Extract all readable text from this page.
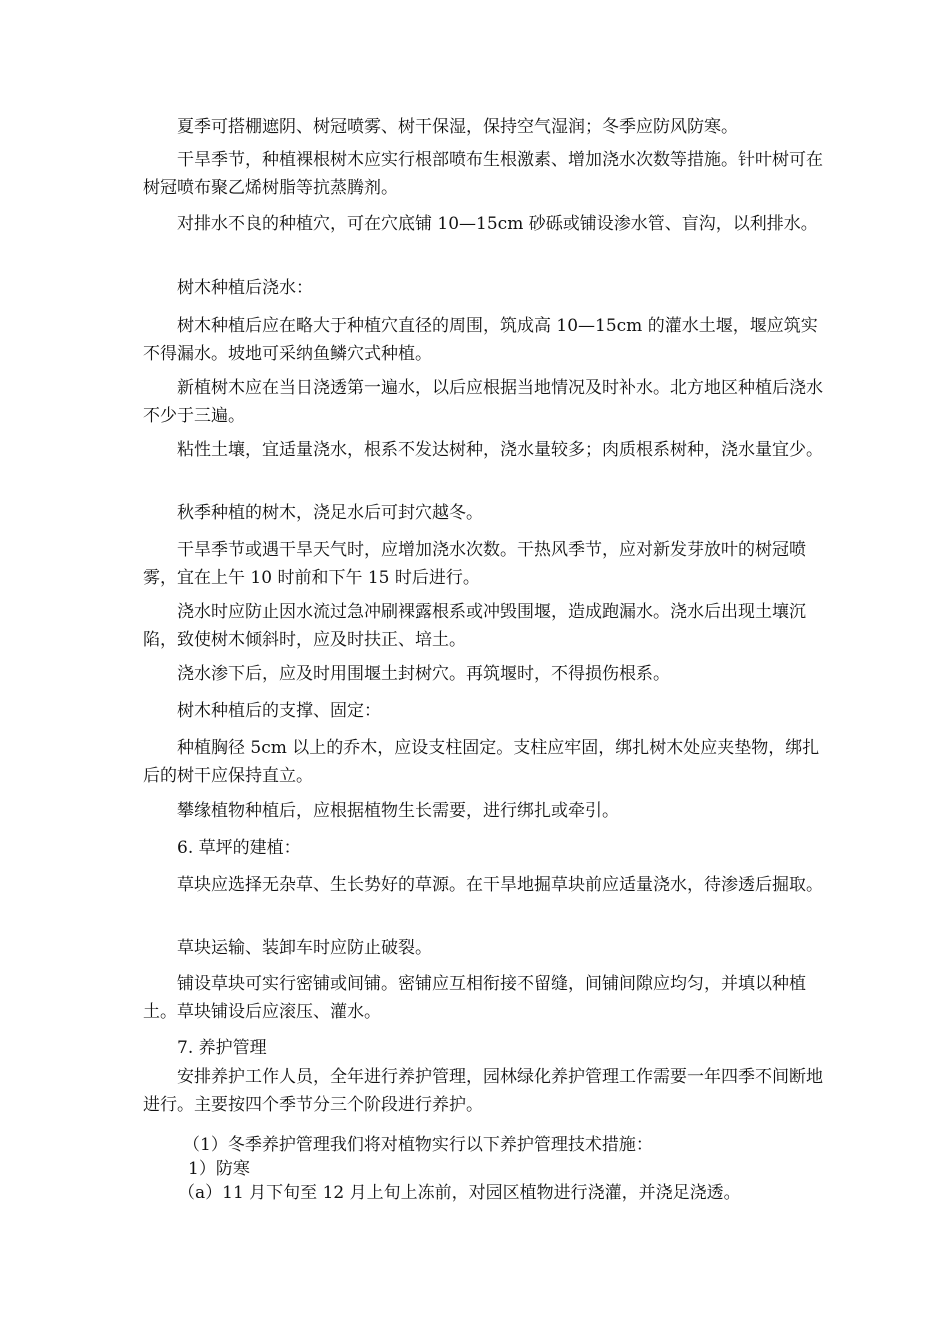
夏季可搭棚遮阴、树冠喷雾、树干保湿，保持空气湿润；冬季应防风防寒。

干旱季节，种植裸根树木应实行根部喷布生根激素、增加浇水次数等措施。针叶树可在树冠喷布聚乙烯树脂等抗蒸腾剂。

对排水不良的种植穴，可在穴底铺 10—15cm 砂砾或铺设渗水管、盲沟，以利排水。

树木种植后浇水：

树木种植后应在略大于种植穴直径的周围，筑成高 10—15cm 的灌水土堰，堰应筑实不得漏水。坡地可采纳鱼鳞穴式种植。

新植树木应在当日浇透第一遍水，以后应根据当地情况及时补水。北方地区种植后浇水不少于三遍。

粘性土壤，宜适量浇水，根系不发达树种，浇水量较多；肉质根系树种，浇水量宜少。

秋季种植的树木，浇足水后可封穴越冬。

干旱季节或遇干旱天气时，应增加浇水次数。干热风季节，应对新发芽放叶的树冠喷雾，宜在上午 10 时前和下午 15 时后进行。

浇水时应防止因水流过急冲刷裸露根系或冲毁围堰，造成跑漏水。浇水后出现土壤沉陷，致使树木倾斜时，应及时扶正、培土。

浇水渗下后，应及时用围堰土封树穴。再筑堰时，不得损伤根系。

树木种植后的支撑、固定：

种植胸径 5cm 以上的乔木，应设支柱固定。支柱应牢固，绑扎树木处应夹垫物，绑扎后的树干应保持直立。

攀缘植物种植后，应根据植物生长需要，进行绑扎或牵引。

6. 草坪的建植：

草块应选择无杂草、生长势好的草源。在干旱地掘草块前应适量浇水，待渗透后掘取。

草块运输、装卸车时应防止破裂。

铺设草块可实行密铺或间铺。密铺应互相衔接不留缝，间铺间隙应均匀，并填以种植土。草块铺设后应滚压、灌水。

7. 养护管理

安排养护工作人员，全年进行养护管理，园林绿化养护管理工作需要一年四季不间断地进行。主要按四个季节分三个阶段进行养护。

（1）冬季养护管理我们将对植物实行以下养护管理技术措施：

1）防寒

（a）11 月下旬至 12 月上旬上冻前，对园区植物进行浇灌，并浇足浇透。
